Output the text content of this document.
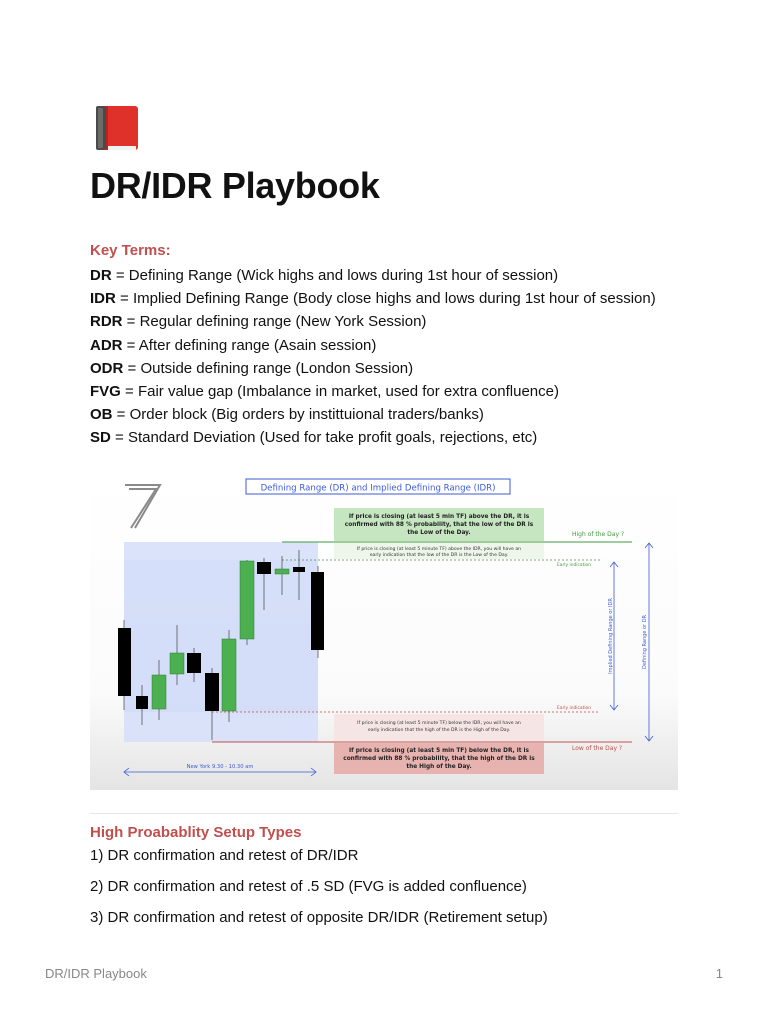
DR/IDR Playbook
Key Terms:
DR = Defining Range (Wick highs and lows during 1st hour of session)
IDR = Implied Defining Range (Body close highs and lows during 1st hour of session)
RDR = Regular defining range (New York Session)
ADR = After defining range (Asain session)
ODR = Outside defining range (London Session)
FVG = Fair value gap (Imbalance in market, used for extra confluence)
OB = Order block (Big orders by instittuional traders/banks)
SD = Standard Deviation (Used for take profit goals, rejections, etc)
Defining Range (DR) and Implied Defining Range (IDR)
If price is closing (at least 5 min TF) above the DR, it is
confirmed with 88 % probability, that the low of the DR is
the Low of the Day.
If price is closing (at least 5 minute TF) above the IDR, you will have an
early indication that the low of the DR is the Low of the Day.
If price is closing (at least 5 minute TF) below the IDR, you will have an
early indication that the high of the DR is the High of the Day.
If price is closing (at least 5 min TF) below the DR, it is
confirmed with 88 % probability, that the high of the DR is
the High of the Day.
High of the Day ?
Early indication
Early indication
Low of the Day ?
Implied Defining Range or IDR	Defining Range or DR
New York 9.30 - 10.30 am
High Proabablity Setup Types

1) DR confirmation and retest of DR/IDR

2) DR confirmation and retest of .5 SD (FVG is added confluence)

3) DR confirmation and retest of opposite DR/IDR (Retirement setup)

DR/IDR Playbook	1
